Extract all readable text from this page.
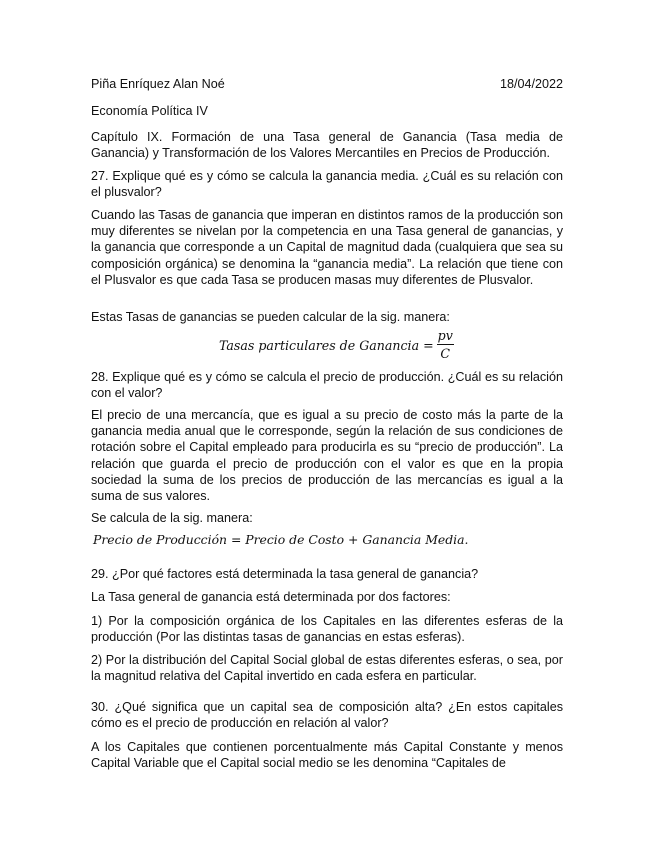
Piña Enríquez Alan Noé	18/04/2022

Economía Política IV

Capítulo IX. Formación de una Tasa general de Ganancia (Tasa media de Ganancia) y Transformación de los Valores Mercantiles en Precios de Producción.

27. Explique qué es y cómo se calcula la ganancia media. ¿Cuál es su relación con el plusvalor?

Cuando las Tasas de ganancia que imperan en distintos ramos de la producción son muy diferentes se nivelan por la competencia en una Tasa general de ganancias, y la ganancia que corresponde a un Capital de magnitud dada (cualquiera que sea su composición orgánica) se denomina la “ganancia media”. La relación que tiene con el Plusvalor es que cada Tasa se producen masas muy diferentes de Plusvalor.

Estas Tasas de ganancias se pueden calcular de la sig. manera:

Tasas particulares de Ganancia = $\frac{pv}{C}$

28. Explique qué es y cómo se calcula el precio de producción. ¿Cuál es su relación con el valor?

El precio de una mercancía, que es igual a su precio de costo más la parte de la ganancia media anual que le corresponde, según la relación de sus condiciones de rotación sobre el Capital empleado para producirla es su “precio de producción”. La relación que guarda el precio de producción con el valor es que en la propia sociedad la suma de los precios de producción de las mercancías es igual a la suma de sus valores.

Se calcula de la sig. manera:

Precio de Producción = Precio de Costo + Ganancia Media.

29. ¿Por qué factores está determinada la tasa general de ganancia?

La Tasa general de ganancia está determinada por dos factores:

1) Por la composición orgánica de los Capitales en las diferentes esferas de la producción (Por las distintas tasas de ganancias en estas esferas).

2) Por la distribución del Capital Social global de estas diferentes esferas, o sea, por la magnitud relativa del Capital invertido en cada esfera en particular.

30. ¿Qué significa que un capital sea de composición alta? ¿En estos capitales cómo es el precio de producción en relación al valor?

A los Capitales que contienen porcentualmente más Capital Constante y menos Capital Variable que el Capital social medio se les denomina “Capitales de
